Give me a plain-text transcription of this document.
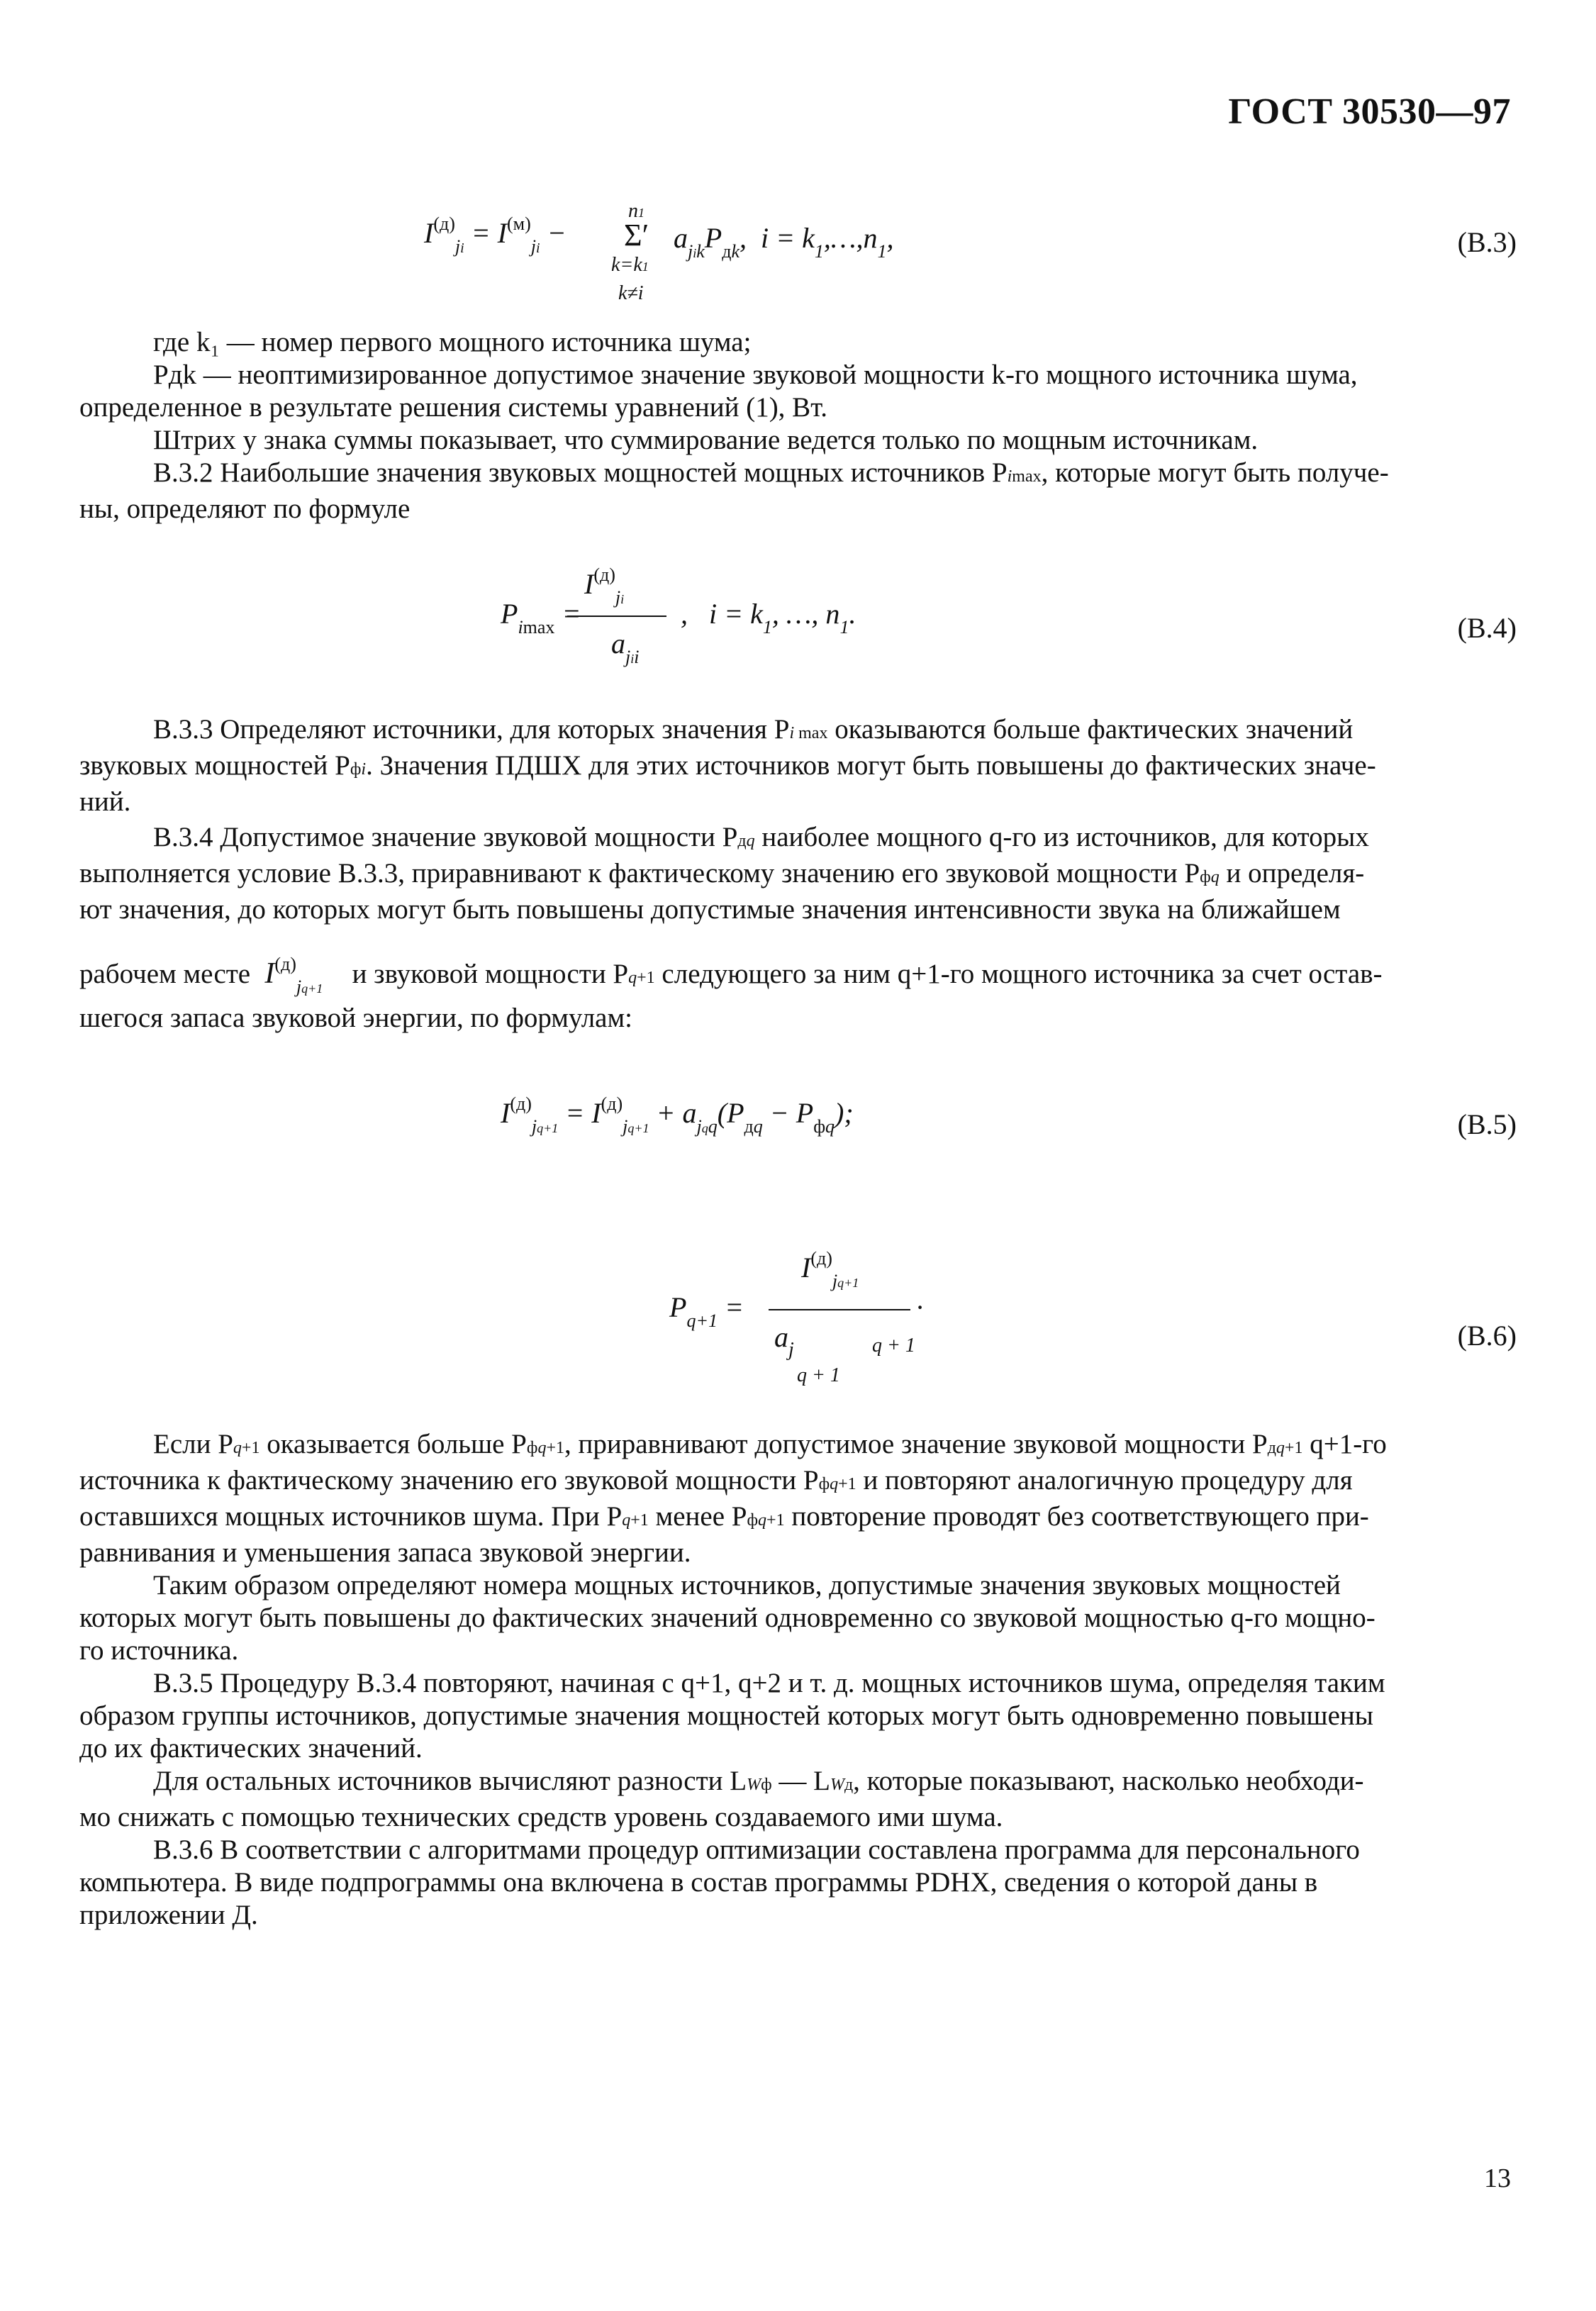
ГОСТ 30530—97
$I^{(д)}_{ji} = I^{(м)}_{ji}$ −
n1
Σ′
k=k1
k≠i
$a_{jik}P_{дk}$,  $i = k_1,\dots,n_1$,	(В.3)

где k₁ — номер первого мощного источника шума;

Pдk — неоптимизированное допустимое значение звуковой мощности k-го мощного источника шума,

определенное в результате решения системы уравнений (1), Вт.

Штрих у знака суммы показывает, что суммирование ведется только по мощным источникам.

В.3.2 Наибольшие значения звуковых мощностей мощных источников Pimax, которые могут быть получе-

ны, определяют по формуле

$I^{(д)}_{ji}$
$P_{imax}$ =
$a_{jii}$
,   $i = k_1$, …, $n_1$.	(В.4)

В.3.3 Определяют источники, для которых значения Pi max оказываются больше фактических значений

звуковых мощностей Pфi. Значения ПДШХ для этих источников могут быть повышены до фактических значе-

ний.

В.3.4 Допустимое значение звуковой мощности Pдq наиболее мощного q-го из источников, для которых

выполняется условие В.3.3, приравнивают к фактическому значению его звуковой мощности Pфq и определя-

ют значения, до которых могут быть повышены допустимые значения интенсивности звука на ближайшем

рабочем месте  $I^{(д)}_{jq+1}$ и звуковой мощности Pq+1 следующего за ним q+1-го мощного источника за счет остав-

шегося запаса звуковой энергии, по формулам:

$I^{(д)}_{jq+1} = I^{(д)}_{jq+1} + a_{jqq}(P_{дq} - P_{фq})$;	(В.5)
$I^{(д)}_{jq+1}$
$P_{q+1}$ =
a j	q + 1
q + 1
·
(В.6)

Если Pq+1 оказывается больше Pфq+1, приравнивают допустимое значение звуковой мощности Pдq+1 q+1-го

источника к фактическому значению его звуковой мощности Pфq+1 и повторяют аналогичную процедуру для

оставшихся мощных источников шума. При Pq+1 менее Pфq+1 повторение проводят без соответствующего при-

равнивания и уменьшения запаса звуковой энергии.

Таким образом определяют номера мощных источников, допустимые значения звуковых мощностей

которых могут быть повышены до фактических значений одновременно со звуковой мощностью q-го мощно-

го источника.

В.3.5 Процедуру В.3.4 повторяют, начиная с q+1, q+2 и т. д. мощных источников шума, определяя таким

образом группы источников, допустимые значения мощностей которых могут быть одновременно повышены

до их фактических значений.

Для остальных источников вычисляют разности LWф — LWд, которые показывают, насколько необходи-

мо снижать с помощью технических средств уровень создаваемого ими шума.

В.3.6 В соответствии с алгоритмами процедур оптимизации составлена программа для персонального

компьютера. В виде подпрограммы она включена в состав программы PDHX, сведения о которой даны в

приложении Д.

13
